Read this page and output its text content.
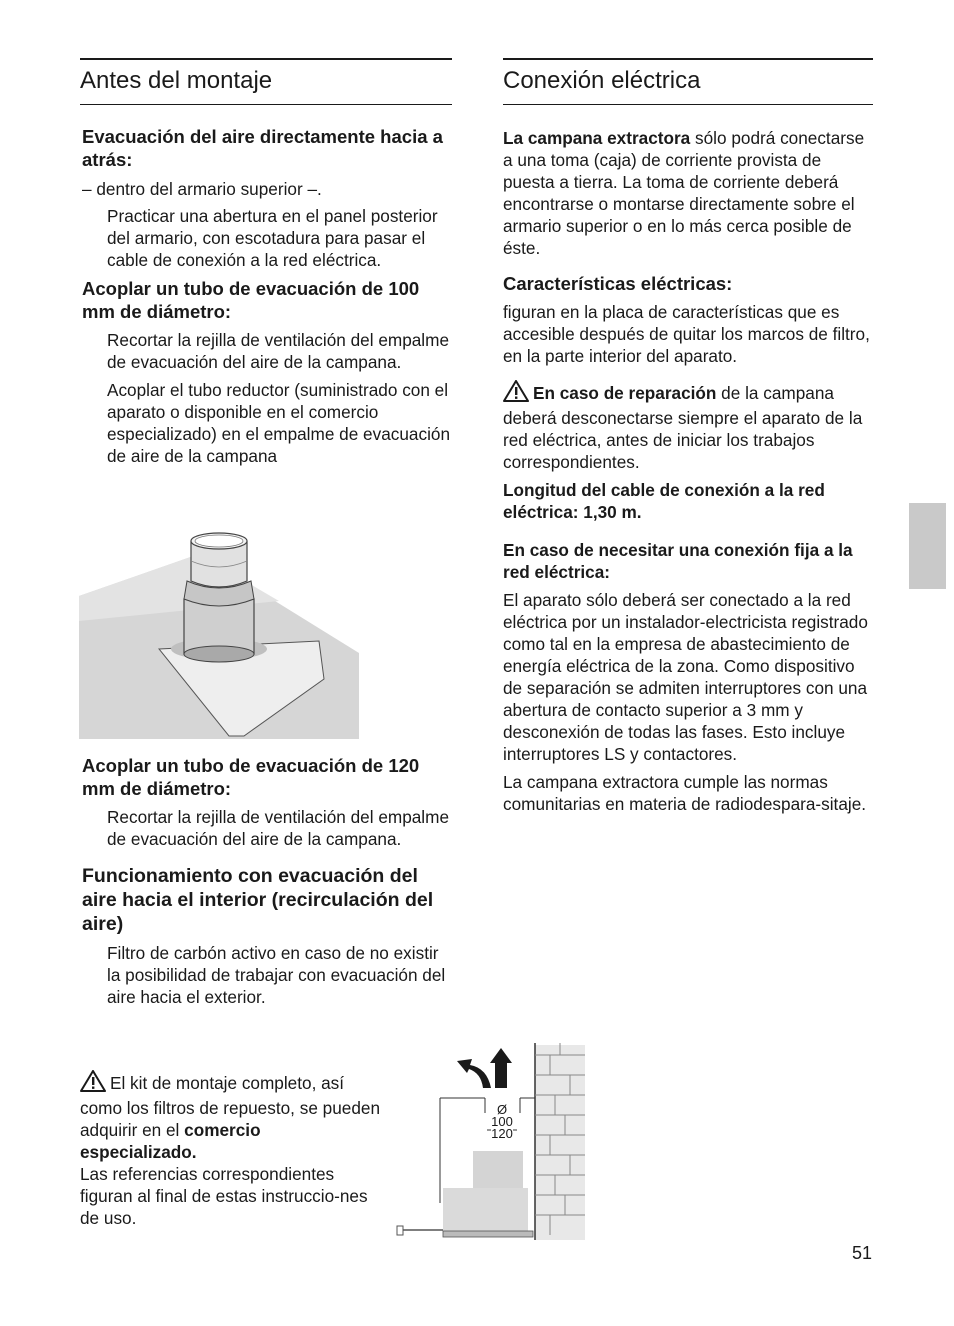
Antes del montaje
Evacuación del aire directamente hacia a atrás:

– dentro del armario superior –.

Practicar una abertura en el panel posterior del armario, con escotadura para pasar el cable de conexión a la red eléctrica.

Acoplar un tubo de evacuación de 100 mm de diámetro:

Recortar la rejilla de ventilación del empalme de evacuación del aire de la campana.

Acoplar el tubo reductor (suministrado con el aparato o disponible en el comercio especializado) en el empalme de evacuación de aire de la campana

Acoplar un tubo de evacuación de 120 mm de diámetro:

Recortar la rejilla de ventilación del empalme de evacuación del aire de la campana.

Funcionamiento con evacuación del aire hacia el interior (recirculación del aire)

Filtro de carbón activo en caso de no existir la posibilidad de trabajar con evacuación del aire hacia el exterior.

El kit de montaje completo, así como los filtros de repuesto, se pueden adquirir en el comercio especializado.

Las referencias correspondientes figuran al final de estas instruccio-nes de uso.

Ø
100
120
Conexión eléctrica

La campana extractora sólo podrá conectarse a una toma (caja) de corriente provista de puesta a tierra. La toma de corriente deberá encontrarse o montarse directamente sobre el armario superior o en lo más cerca posible de éste.

Características eléctricas:

figuran en la placa de características que es accesible después de quitar los marcos de filtro, en la parte interior del aparato.

En caso de reparación de la campana deberá desconectarse siempre el aparato de la red eléctrica, antes de iniciar los trabajos correspondientes.

Longitud del cable de conexión a la red eléctrica: 1,30 m.

En caso de necesitar una conexión fija a la red eléctrica:

El aparato sólo deberá ser conectado a la red eléctrica por un instalador-electricista registrado como tal en la empresa de abastecimiento de energía eléctrica de la zona. Como dispositivo de separación se admiten interruptores con una abertura de contacto superior a 3 mm y desconexión de todas las fases. Esto incluye interruptores LS y contactores.

La campana extractora cumple las normas comunitarias en materia de radiodespara-sitaje.

51
